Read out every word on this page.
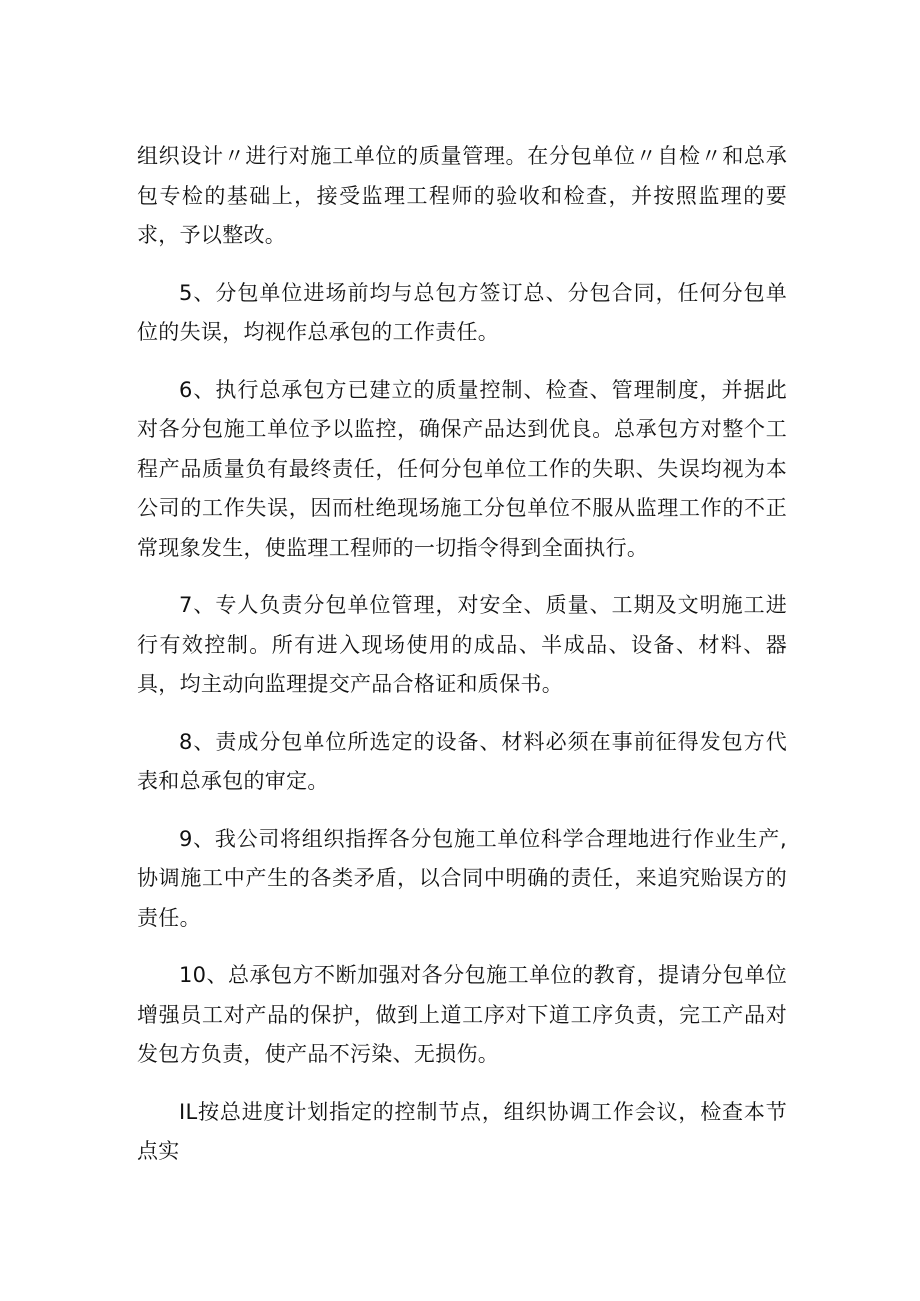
组织设计〃进行对施工单位的质量管理。在分包单位〃自检〃和总承包专检的基础上，接受监理工程师的验收和检查，并按照监理的要求，予以整改。

5、分包单位进场前均与总包方签订总、分包合同，任何分包单位的失误，均视作总承包的工作责任。

6、执行总承包方已建立的质量控制、检查、管理制度，并据此对各分包施工单位予以监控，确保产品达到优良。总承包方对整个工程产品质量负有最终责任，任何分包单位工作的失职、失误均视为本公司的工作失误，因而杜绝现场施工分包单位不服从监理工作的不正常现象发生，使监理工程师的一切指令得到全面执行。

7、专人负责分包单位管理，对安全、质量、工期及文明施工进行有效控制。所有进入现场使用的成品、半成品、设备、材料、器具，均主动向监理提交产品合格证和质保书。

8、责成分包单位所选定的设备、材料必须在事前征得发包方代表和总承包的审定。

9、我公司将组织指挥各分包施工单位科学合理地进行作业生产,协调施工中产生的各类矛盾，以合同中明确的责任，来追究贻误方的责任。

10、总承包方不断加强对各分包施工单位的教育，提请分包单位增强员工对产品的保护，做到上道工序对下道工序负责，完工产品对发包方负责，使产品不污染、无损伤。

IL按总进度计划指定的控制节点，组织协调工作会议，检查本节点实
